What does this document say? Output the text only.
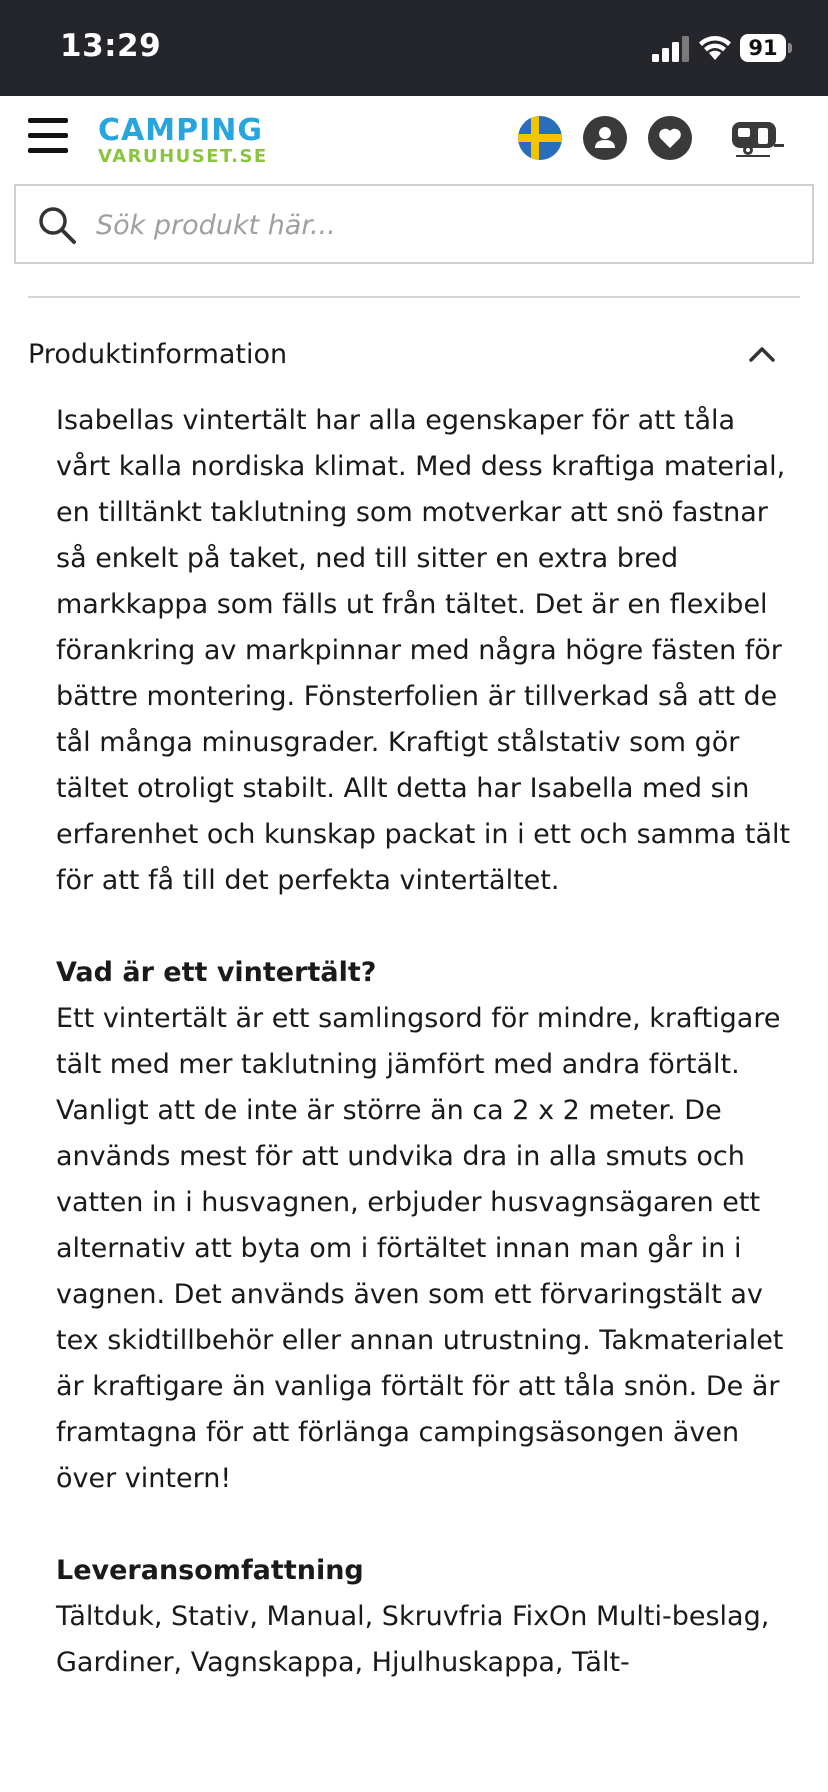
13:29	91
CAMPING
VARUHUSET.SE
Sök produkt här...
Produktinformation

Isabellas vintertält har alla egenskaper för att tåla vårt kalla nordiska klimat. Med dess kraftiga material, en tilltänkt taklutning som motverkar att snö fastnar så enkelt på taket, ned till sitter en extra bred markkappa som fälls ut från tältet. Det är en flexibel förankring av markpinnar med några högre fästen för bättre montering. Fönsterfolien är tillverkad så att de tål många minusgrader. Kraftigt stålstativ som gör tältet otroligt stabilt. Allt detta har Isabella med sin erfarenhet och kunskap packat in i ett och samma tält för att få till det perfekta vintertältet.

Vad är ett vintertält?

Ett vintertält är ett samlingsord för mindre, kraftigare tält med mer taklutning jämfört med andra förtält. Vanligt att de inte är större än ca 2 x 2 meter. De används mest för att undvika dra in alla smuts och vatten in i husvagnen, erbjuder husvagnsägaren ett alternativ att byta om i förtältet innan man går in i vagnen. Det används även som ett förvaringstält av tex skidtillbehör eller annan utrustning. Takmaterialet är kraftigare än vanliga förtält för att tåla snön. De är framtagna för att förlänga campingsäsongen även över vintern!

Leveransomfattning

Tältduk, Stativ, Manual, Skruvfria FixOn Multi-beslag, Gardiner, Vagnskappa, Hjulhuskappa, Tält-
